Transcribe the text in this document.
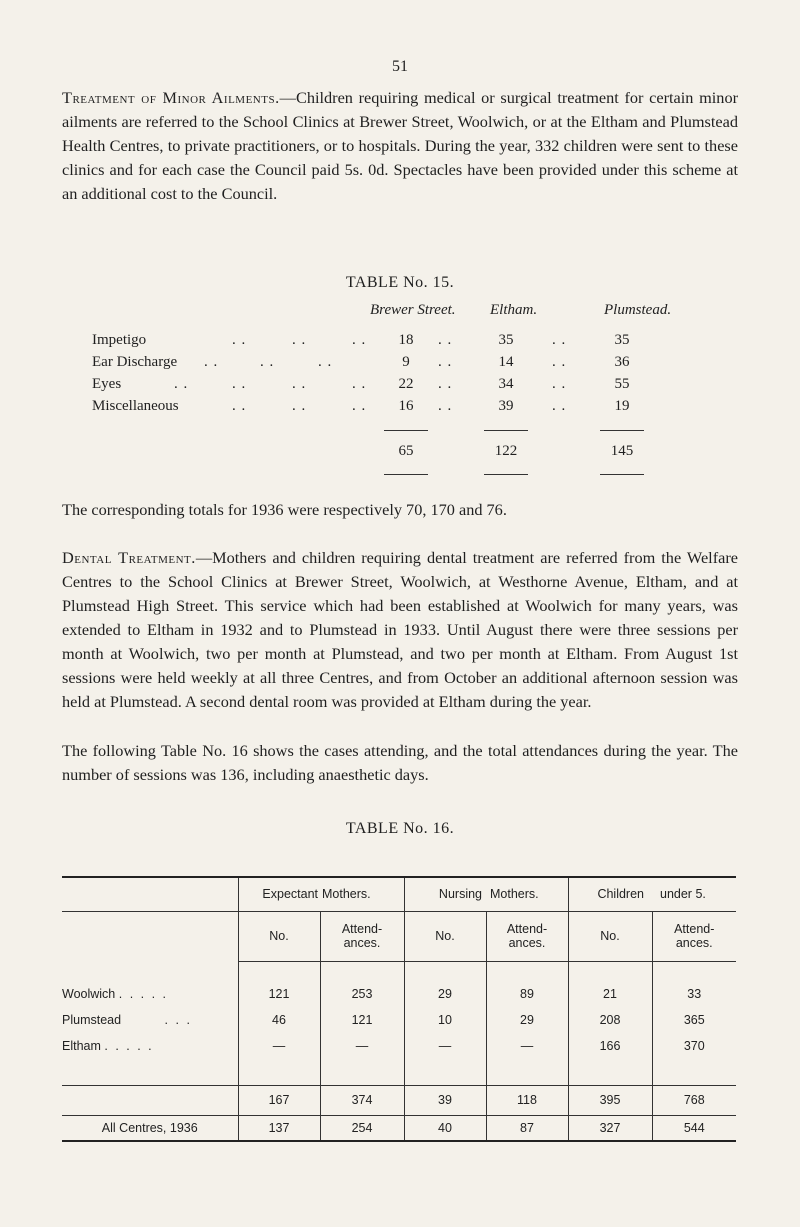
51

Treatment of Minor Ailments.—Children requiring medical or surgical treatment for certain minor ailments are referred to the School Clinics at Brewer Street, Woolwich, or at the Eltham and Plumstead Health Centres, to private practitioners, or to hospitals. During the year, 332 children were sent to these clinics and for each case the Council paid 5s. 0d. Spectacles have been provided under this scheme at an additional cost to the Council.

TABLE No. 15.
Brewer Street. Eltham.	Plumstead.
Impetigo	. .	. .	. .	18	. .	35	. .	35
Ear Discharge . .	. .	. .	9	. .	14	. .	36
Eyes	. .	. .	. .	. .	22	. .	34	. .	55
Miscellaneous	. .	. .	. .	16	. .	39	. .	19
65	122	145

The corresponding totals for 1936 were respectively 70, 170 and 76.

Dental Treatment.—Mothers and children requiring dental treatment are referred from the Welfare Centres to the School Clinics at Brewer Street, Woolwich, at Westhorne Avenue, Eltham, and at Plumstead High Street. This service which had been established at Woolwich for many years, was extended to Eltham in 1932 and to Plumstead in 1933. Until August there were three sessions per month at Woolwich, two per month at Plumstead, and two per month at Eltham. From August 1st sessions were held weekly at all three Centres, and from October an additional afternoon session was held at Plumstead. A second dental room was provided at Eltham during the year.

The following Table No. 16 shows the cases attending, and the total attendances during the year. The number of sessions was 136, including anaesthetic days.

TABLE No. 16.
	Expectant	Mothers.	Nursing	Mothers.	Children	under 5.
	No.	Attend- ances.	No.	Attend- ances.	No.	Attend- ances.
Woolwich . . . . .	121	253	29	89	21	33
Plumstead . . .	46	121	10	29	208	365
Eltham . . . . .	—	—	—	—	166	370
	167	374	39	118	395	768
All Centres, 1936	137	254	40	87	327	544
